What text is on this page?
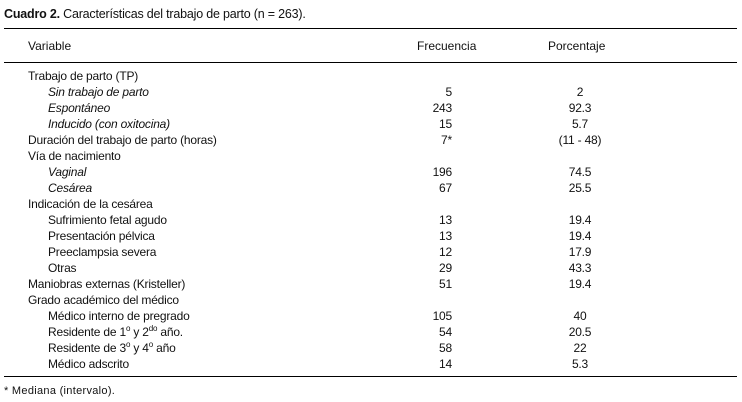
Cuadro 2. Características del trabajo de parto (n = 263).
Variable	Frecuencia	Porcentaje
Trabajo de parto (TP)
Sin trabajo de parto	5	2
Espontáneo	243	92.3
Inducido (con oxitocina)	15	5.7
Duración del trabajo de parto (horas)	7*	(11 - 48)
Vía de nacimiento
Vaginal	196	74.5
Cesárea	67	25.5
Indicación de la cesárea
Sufrimiento fetal agudo	13	19.4
Presentación pélvica	13	19.4
Preeclampsia severa	12	17.9
Otras	29	43.3
Maniobras externas (Kristeller)	51	19.4
Grado académico del médico
Médico interno de pregrado	105	40
Residente de 1$^o$ y $2^{do}$ año.	54	20.5
Residente de 3$^o$ y 4$^o$ año	58	22
Médico adscrito	14	5.3
* Mediana (intervalo).
